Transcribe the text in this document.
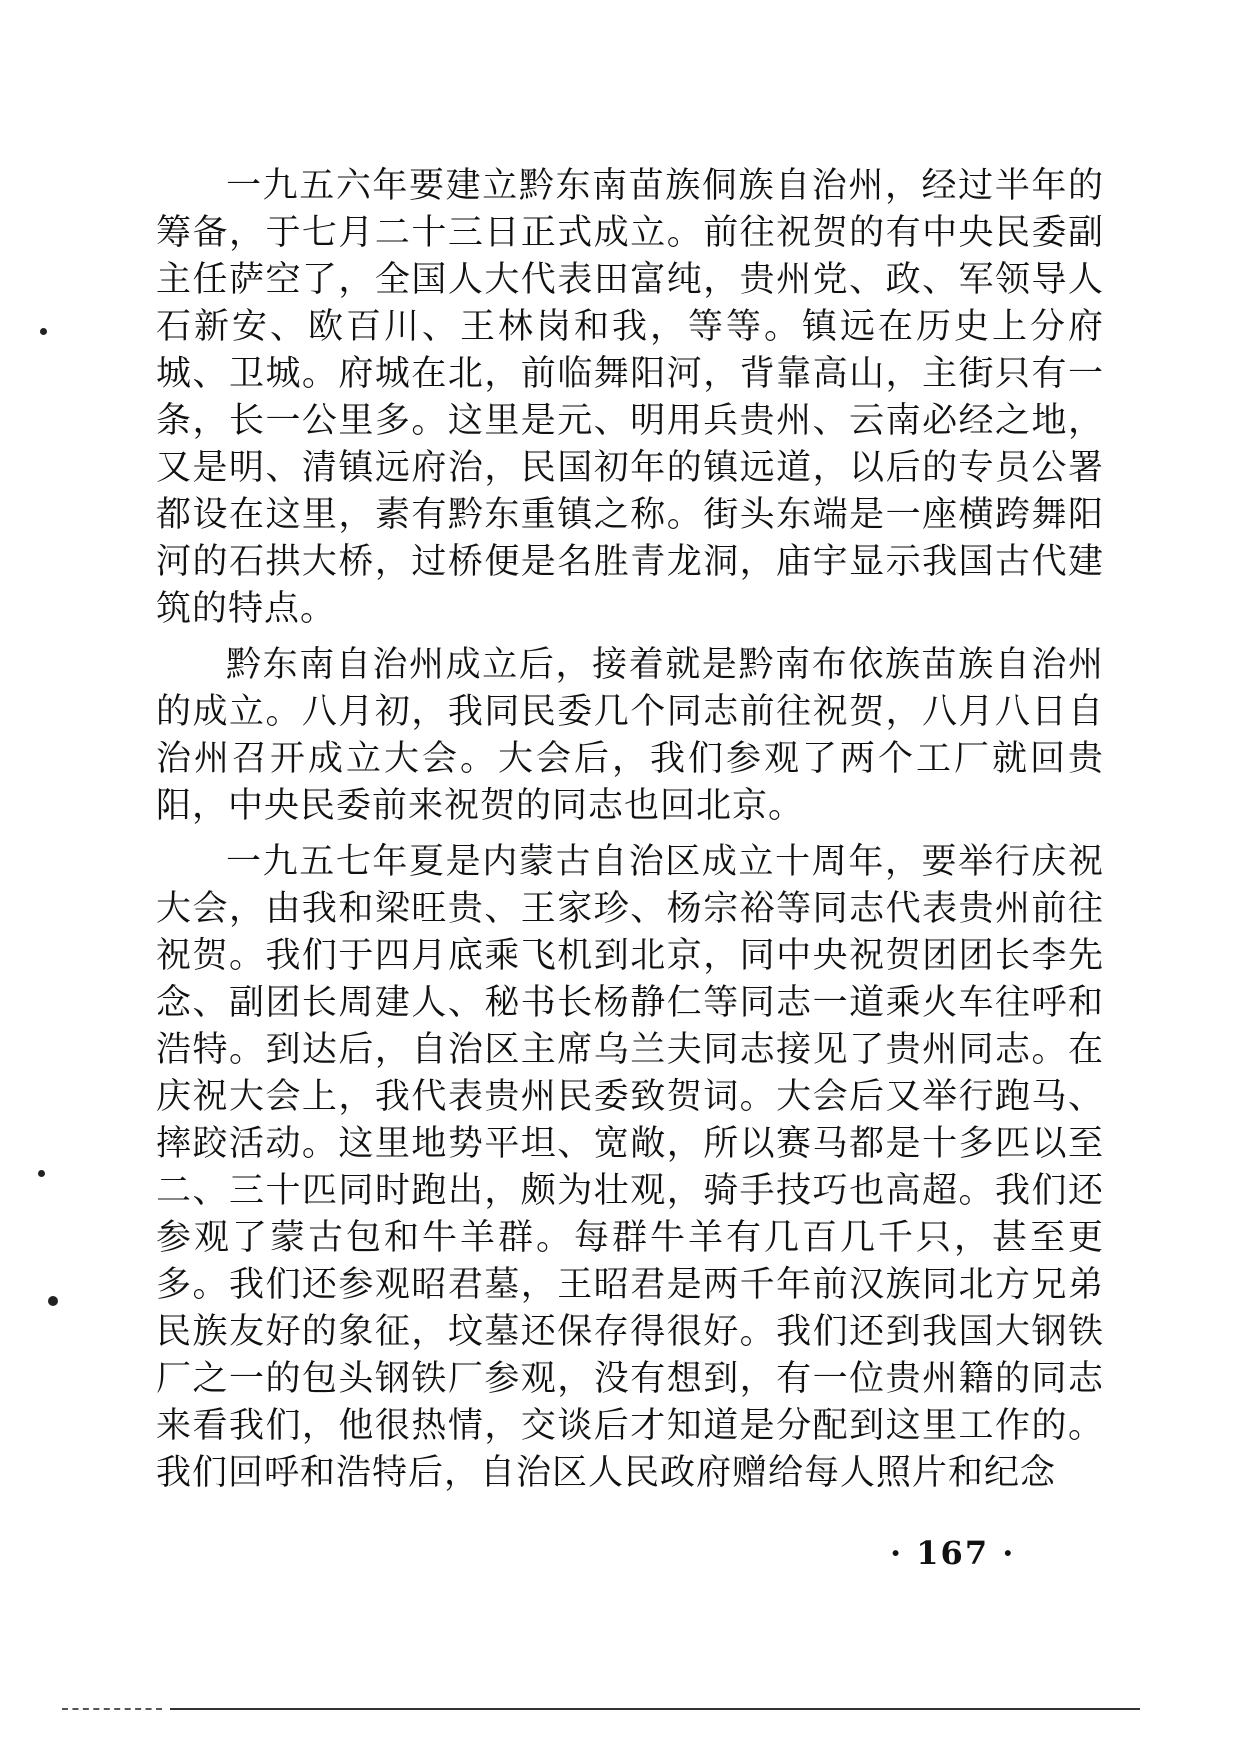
一九五六年要建立黔东南苗族侗族自治州，经过半年的筹备，于七月二十三日正式成立。前往祝贺的有中央民委副主任萨空了，全国人大代表田富纯，贵州党、政、军领导人石新安、欧百川、王林岗和我，等等。镇远在历史上分府城、卫城。府城在北，前临舞阳河，背靠高山，主街只有一条，长一公里多。这里是元、明用兵贵州、云南必经之地，又是明、清镇远府治，民国初年的镇远道，以后的专员公署都设在这里，素有黔东重镇之称。街头东端是一座横跨舞阳河的石拱大桥，过桥便是名胜青龙洞，庙宇显示我国古代建筑的特点。

黔东南自治州成立后，接着就是黔南布依族苗族自治州的成立。八月初，我同民委几个同志前往祝贺，八月八日自治州召开成立大会。大会后，我们参观了两个工厂就回贵阳，中央民委前来祝贺的同志也回北京。

一九五七年夏是内蒙古自治区成立十周年，要举行庆祝大会，由我和梁旺贵、王家珍、杨宗裕等同志代表贵州前往祝贺。我们于四月底乘飞机到北京，同中央祝贺团团长李先念、副团长周建人、秘书长杨静仁等同志一道乘火车往呼和浩特。到达后，自治区主席乌兰夫同志接见了贵州同志。在庆祝大会上，我代表贵州民委致贺词。大会后又举行跑马、摔跤活动。这里地势平坦、宽敞，所以赛马都是十多匹以至二、三十匹同时跑出，颇为壮观，骑手技巧也高超。我们还参观了蒙古包和牛羊群。每群牛羊有几百几千只，甚至更多。我们还参观昭君墓，王昭君是两千年前汉族同北方兄弟民族友好的象征，坟墓还保存得很好。我们还到我国大钢铁厂之一的包头钢铁厂参观，没有想到，有一位贵州籍的同志来看我们，他很热情，交谈后才知道是分配到这里工作的。我们回呼和浩特后，自治区人民政府赠给每人照片和纪念

· 167 ·
